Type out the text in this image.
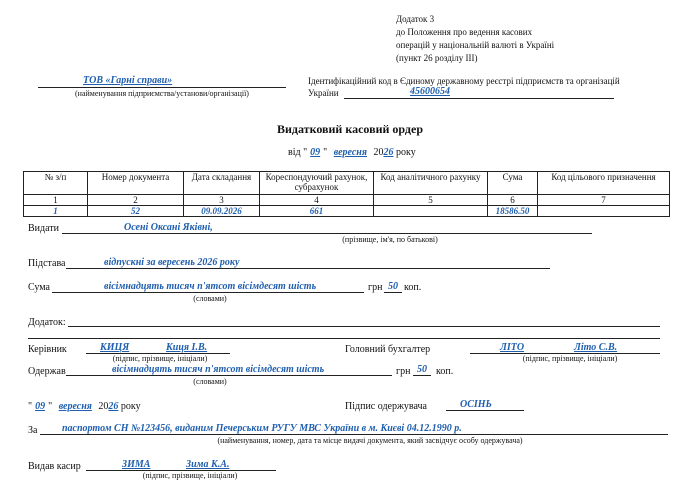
Додаток 3
до Положення про ведення касових
операцій у національній валюті в Україні
(пункт 26 розділу ІІІ)
ТОВ «Гарні справи»
(найменування підприємства/установи/організації)
Ідентифікаційний код в Єдиному державному реєстрі підприємств та організацій
України	45600654
Видатковий касовий ордер
від " 09 " вересня 2026 року
№ з/п	Номер документа	Дата складання	Кореспондуючий рахунок, субрахунок	Код аналітичного рахунку	Сума	Код цільового призначення
1	2	3	4	5	6	7
1	52	09.09.2026	661		18586.50	
Видати	Осені Оксані Яківні,
(прізвище, ім'я, по батькові)
Підстава	відпускні за вересень 2026 року
Сума	вісімнадцять тисяч п'ятсот вісімдесят шість	грн 50 коп.
(словами)
Додаток:
Керівник	КИЦЯ	Киця І.В.
(підпис, прізвище, ініціали)
Головний бухгалтер	ЛІТО	Літо С.В.
(підпис, прізвище, ініціали)
Одержав	вісімнадцять тисяч п'ятсот вісімдесят шість	грн 50 коп.
(словами)
" 09 " вересня 2026 року	Підпис одержувача	ОСІНЬ
За паспортом СН №123456, виданим Печерським РУГУ МВС України в м. Києві 04.12.1990 р.
(найменування, номер, дата та місце видачі документа, який засвідчує особу одержувача)
Видав касир	ЗИМА	Зима К.А.
(підпис, прізвище, ініціали)
